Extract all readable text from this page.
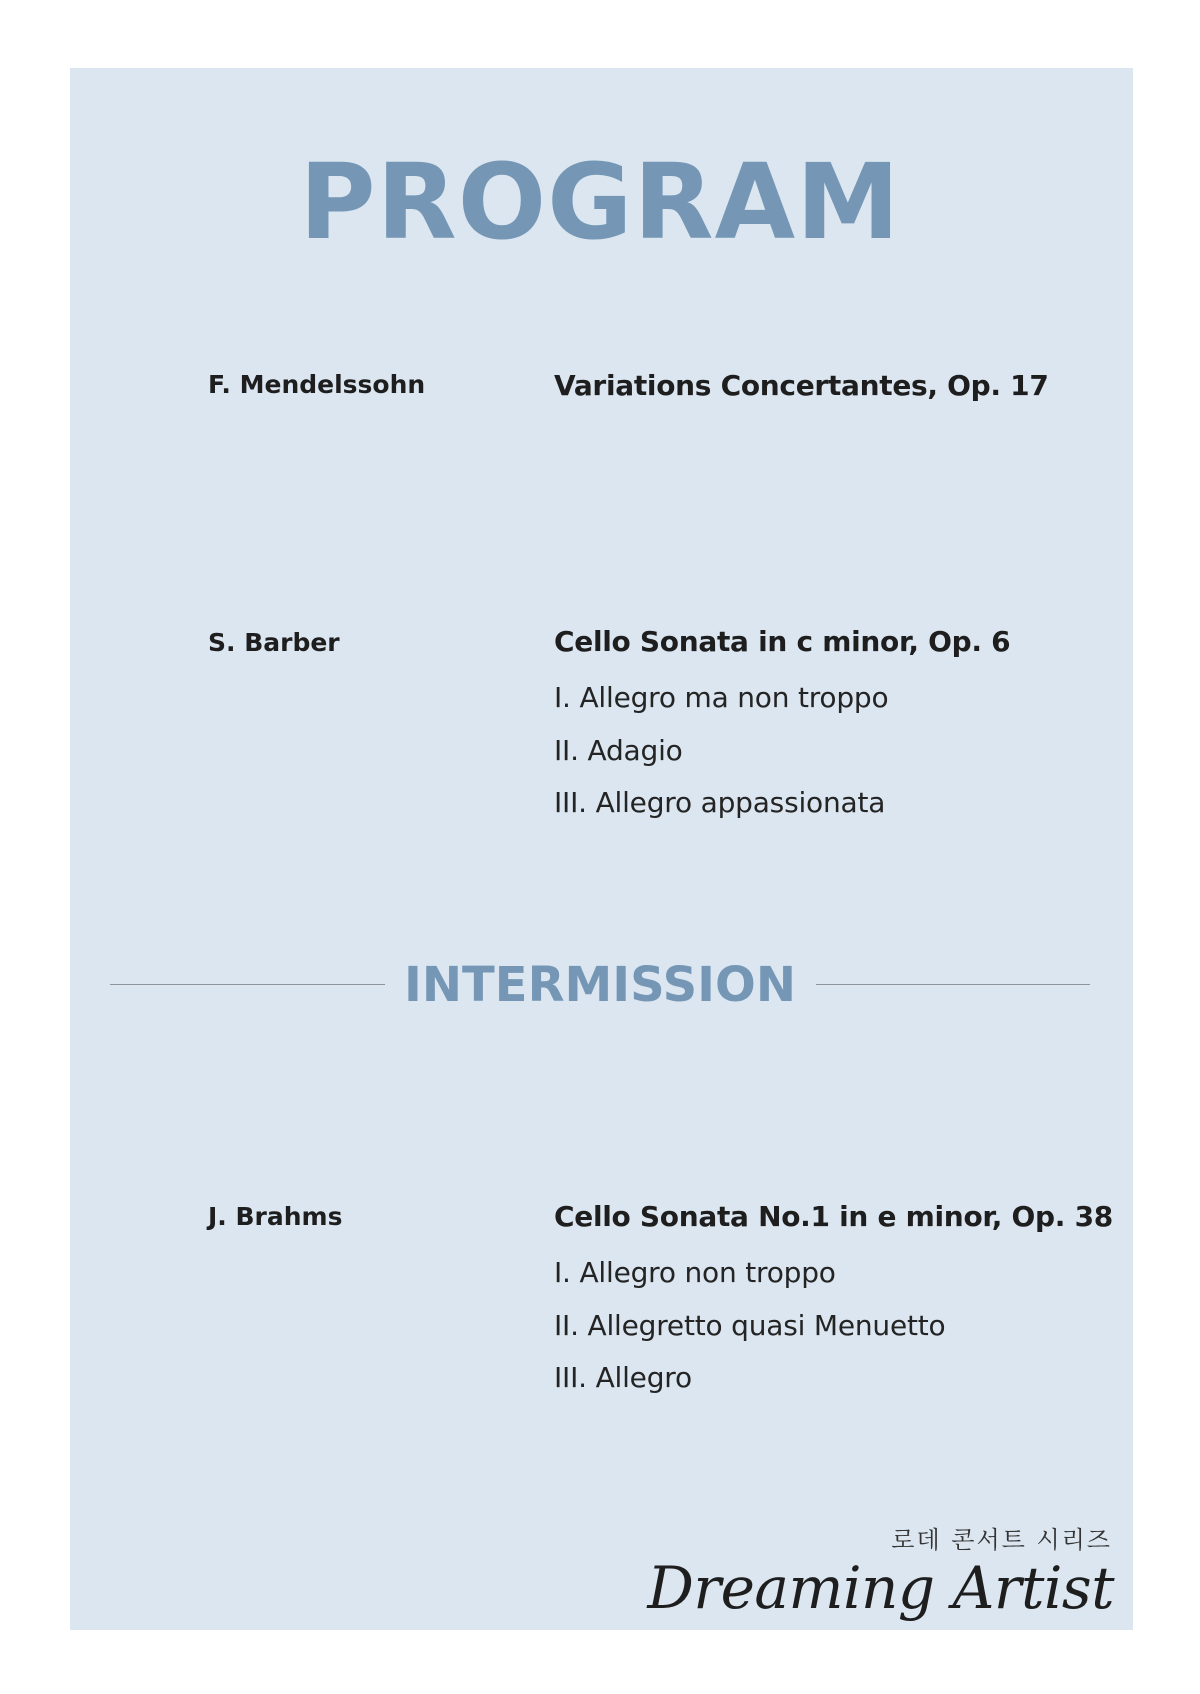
PROGRAM
F. Mendelssohn	Variations Concertantes, Op. 17
S. Barber	Cello Sonata in c minor, Op. 6
I. Allegro ma non troppo
II. Adagio
III. Allegro appassionata
INTERMISSION
J. Brahms	Cello Sonata No.1 in e minor, Op. 38
I. Allegro non troppo
II. Allegretto quasi Menuetto
III. Allegro
로데 콘서트 시리즈
Dreaming Artist
